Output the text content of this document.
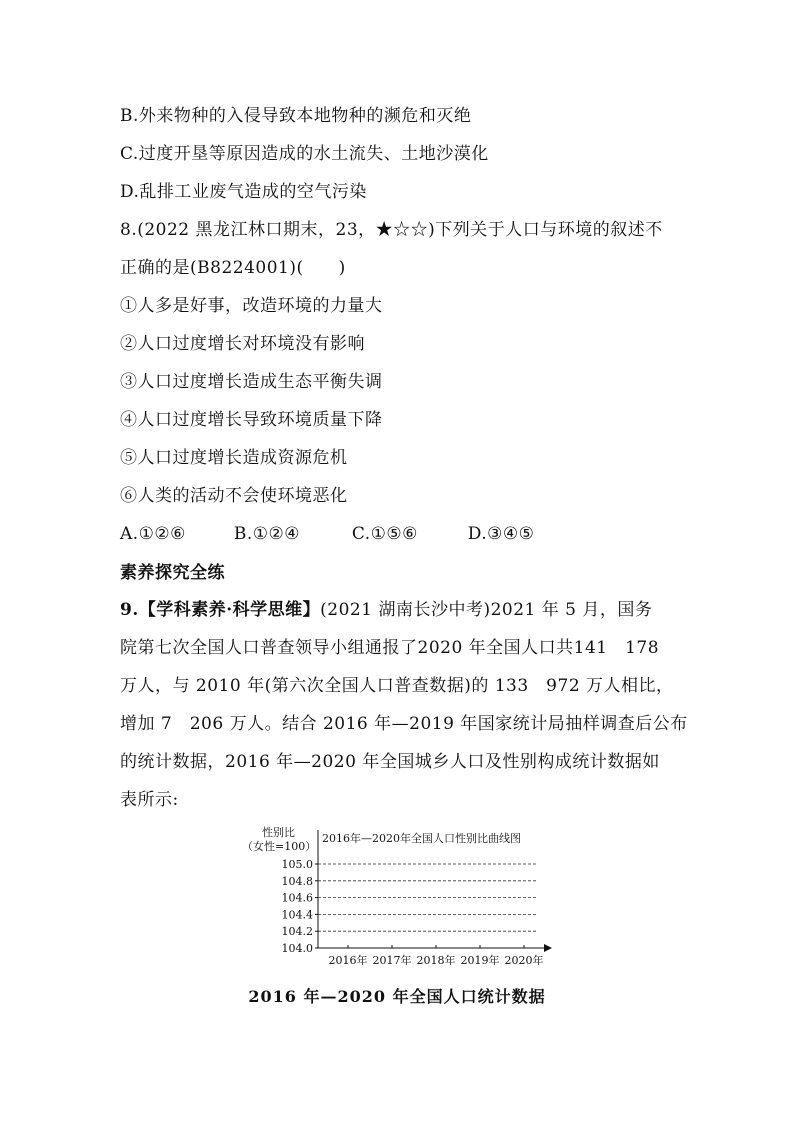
B.外来物种的入侵导致本地物种的濒危和灭绝
C.过度开垦等原因造成的水土流失、土地沙漠化
D.乱排工业废气造成的空气污染
8.(2022 黑龙江林口期末，23，★☆☆)下列关于人口与环境的叙述不
正确的是(B8224001)(　　)
①人多是好事，改造环境的力量大
②人口过度增长对环境没有影响
③人口过度增长造成生态平衡失调
④人口过度增长导致环境质量下降
⑤人口过度增长造成资源危机
⑥人类的活动不会使环境恶化
A.①②⑥	B.①②④	C.①⑤⑥	D.③④⑤
素养探究全练
9.【学科素养·科学思维】(2021 湖南长沙中考)2021 年 5 月，国务
院第七次全国人口普查领导小组通报了2020 年全国人口共141　178
万人，与 2010 年(第六次全国人口普查数据)的 133　972 万人相比，
增加 7　206 万人。结合 2016 年—2019 年国家统计局抽样调查后公布
的统计数据，2016 年—2020 年全国城乡人口及性别构成统计数据如
表所示:
性别比
（女性=100）
2016年—2020年全国人口性别比曲线图
104.0
104.2
104.4
104.6
104.8
105.0
2016年 2017年 2018年 2019年 2020年
2016 年—2020 年全国人口统计数据
